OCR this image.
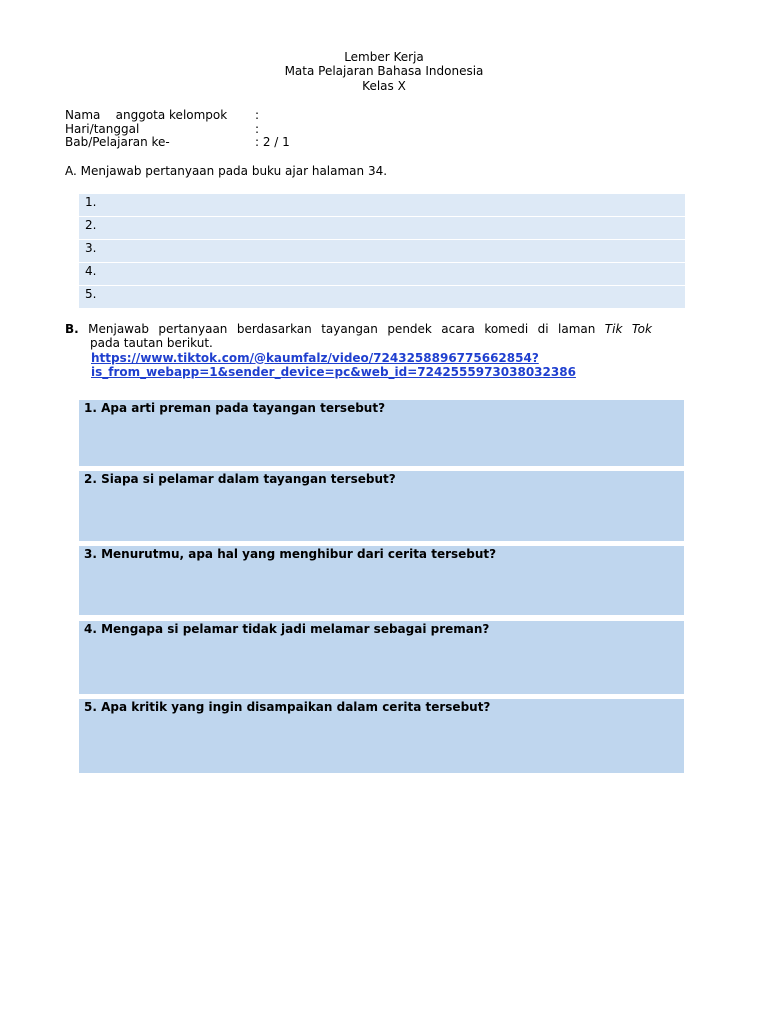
Lember Kerja
Mata Pelajaran Bahasa Indonesia
Kelas X
Nama    anggota kelompok :
Hari/tanggal	:
Bab/Pelajaran ke-	: 2 / 1
A. Menjawab pertanyaan pada buku ajar halaman 34.
1.
2.
3.
4.
5.
B. Menjawab pertanyaan berdasarkan tayangan pendek acara komedi di laman Tik Tok
pada tautan berikut.
https://www.tiktok.com/@kaumfalz/video/7243258896775662854?
is_from_webapp=1&sender_device=pc&web_id=7242555973038032386
1. Apa arti preman pada tayangan tersebut?
2. Siapa si pelamar dalam tayangan tersebut?
3. Menurutmu, apa hal yang menghibur dari cerita tersebut?
4. Mengapa si pelamar tidak jadi melamar sebagai preman?
5. Apa kritik yang ingin disampaikan dalam cerita tersebut?
